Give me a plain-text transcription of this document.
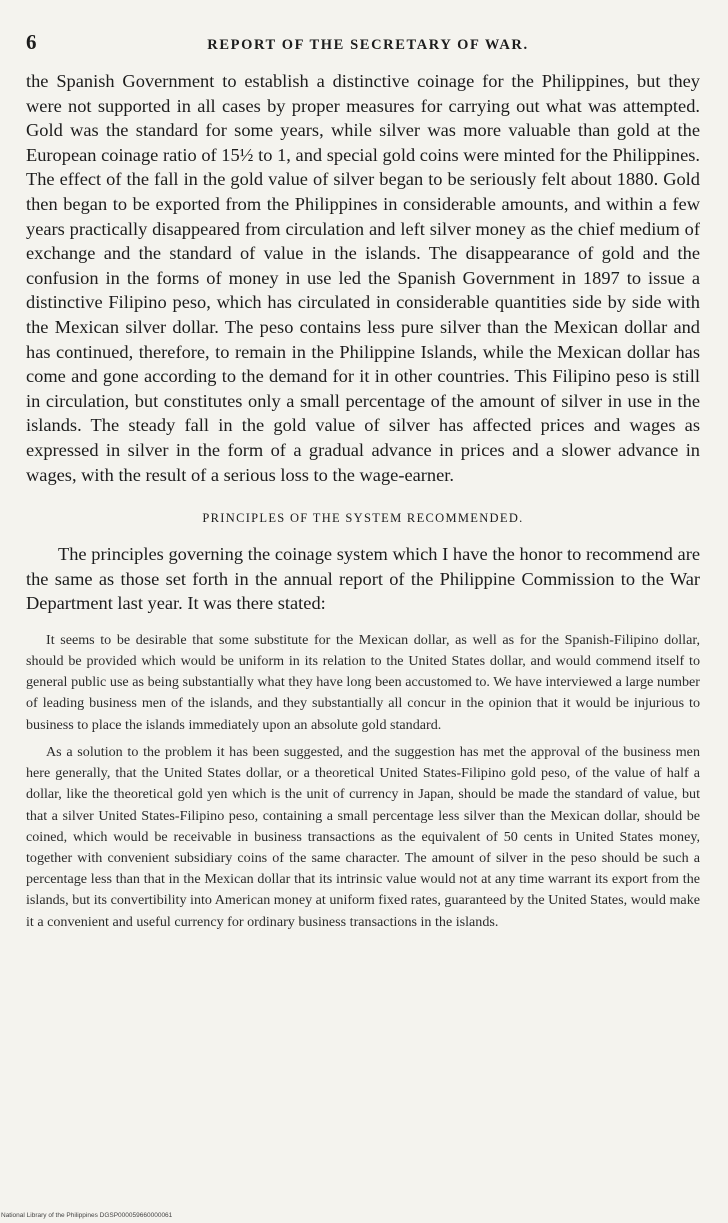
6	REPORT OF THE SECRETARY OF WAR.

the Spanish Government to establish a distinctive coinage for the Philippines, but they were not supported in all cases by proper measures for carrying out what was attempted. Gold was the standard for some years, while silver was more valuable than gold at the European coinage ratio of 15½ to 1, and special gold coins were minted for the Philippines. The effect of the fall in the gold value of silver began to be seriously felt about 1880. Gold then began to be exported from the Philippines in considerable amounts, and within a few years practically disappeared from circulation and left silver money as the chief medium of exchange and the standard of value in the islands. The disappearance of gold and the confusion in the forms of money in use led the Spanish Government in 1897 to issue a distinctive Filipino peso, which has circulated in considerable quantities side by side with the Mexican silver dollar. The peso contains less pure silver than the Mexican dollar and has continued, therefore, to remain in the Philippine Islands, while the Mexican dollar has come and gone according to the demand for it in other countries. This Filipino peso is still in circulation, but constitutes only a small percentage of the amount of silver in use in the islands. The steady fall in the gold value of silver has affected prices and wages as expressed in silver in the form of a gradual advance in prices and a slower advance in wages, with the result of a serious loss to the wage-earner.

PRINCIPLES OF THE SYSTEM RECOMMENDED.

The principles governing the coinage system which I have the honor to recommend are the same as those set forth in the annual report of the Philippine Commission to the War Department last year. It was there stated:

It seems to be desirable that some substitute for the Mexican dollar, as well as for the Spanish-Filipino dollar, should be provided which would be uniform in its relation to the United States dollar, and would commend itself to general public use as being substantially what they have long been accustomed to. We have interviewed a large number of leading business men of the islands, and they substantially all concur in the opinion that it would be injurious to business to place the islands immediately upon an absolute gold standard.

As a solution to the problem it has been suggested, and the suggestion has met the approval of the business men here generally, that the United States dollar, or a theoretical United States-Filipino gold peso, of the value of half a dollar, like the theoretical gold yen which is the unit of currency in Japan, should be made the standard of value, but that a silver United States-Filipino peso, containing a small percentage less silver than the Mexican dollar, should be coined, which would be receivable in business transactions as the equivalent of 50 cents in United States money, together with convenient subsidiary coins of the same character. The amount of silver in the peso should be such a percentage less than that in the Mexican dollar that its intrinsic value would not at any time warrant its export from the islands, but its convertibility into American money at uniform fixed rates, guaranteed by the United States, would make it a convenient and useful currency for ordinary business transactions in the islands.

National Library of the Philippines DGSP000059660000061
